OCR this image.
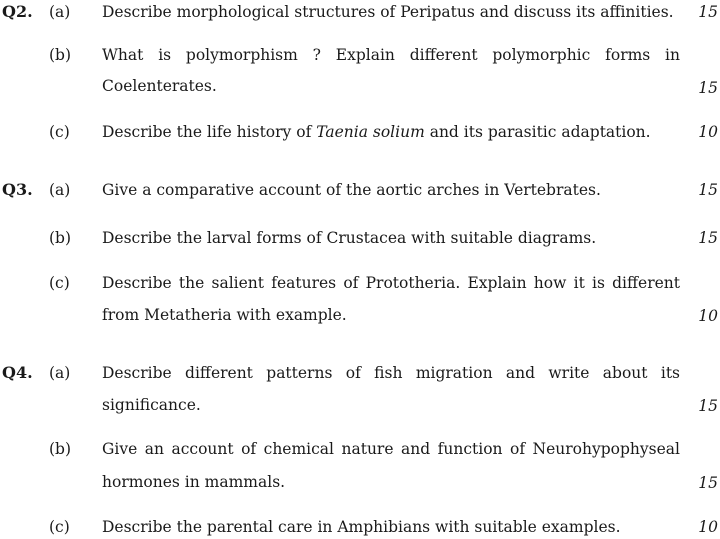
Q2. (a) Describe morphological structures of Peripatus and discuss its affinities. 15
(b) What is polymorphism ? Explain different polymorphic forms in
Coelenterates.	15
(c) Describe the life history of Taenia solium and its parasitic adaptation.	10
Q3. (a) Give a comparative account of the aortic arches in Vertebrates.	15
(b) Describe the larval forms of Crustacea with suitable diagrams.	15
(c) Describe the salient features of Prototheria. Explain how it is different
from Metatheria with example.	10
Q4. (a) Describe different patterns of fish migration and write about its
significance.	15
(b) Give an account of chemical nature and function of Neurohypophyseal
hormones in mammals.	15
(c) Describe the parental care in Amphibians with suitable examples.	10
